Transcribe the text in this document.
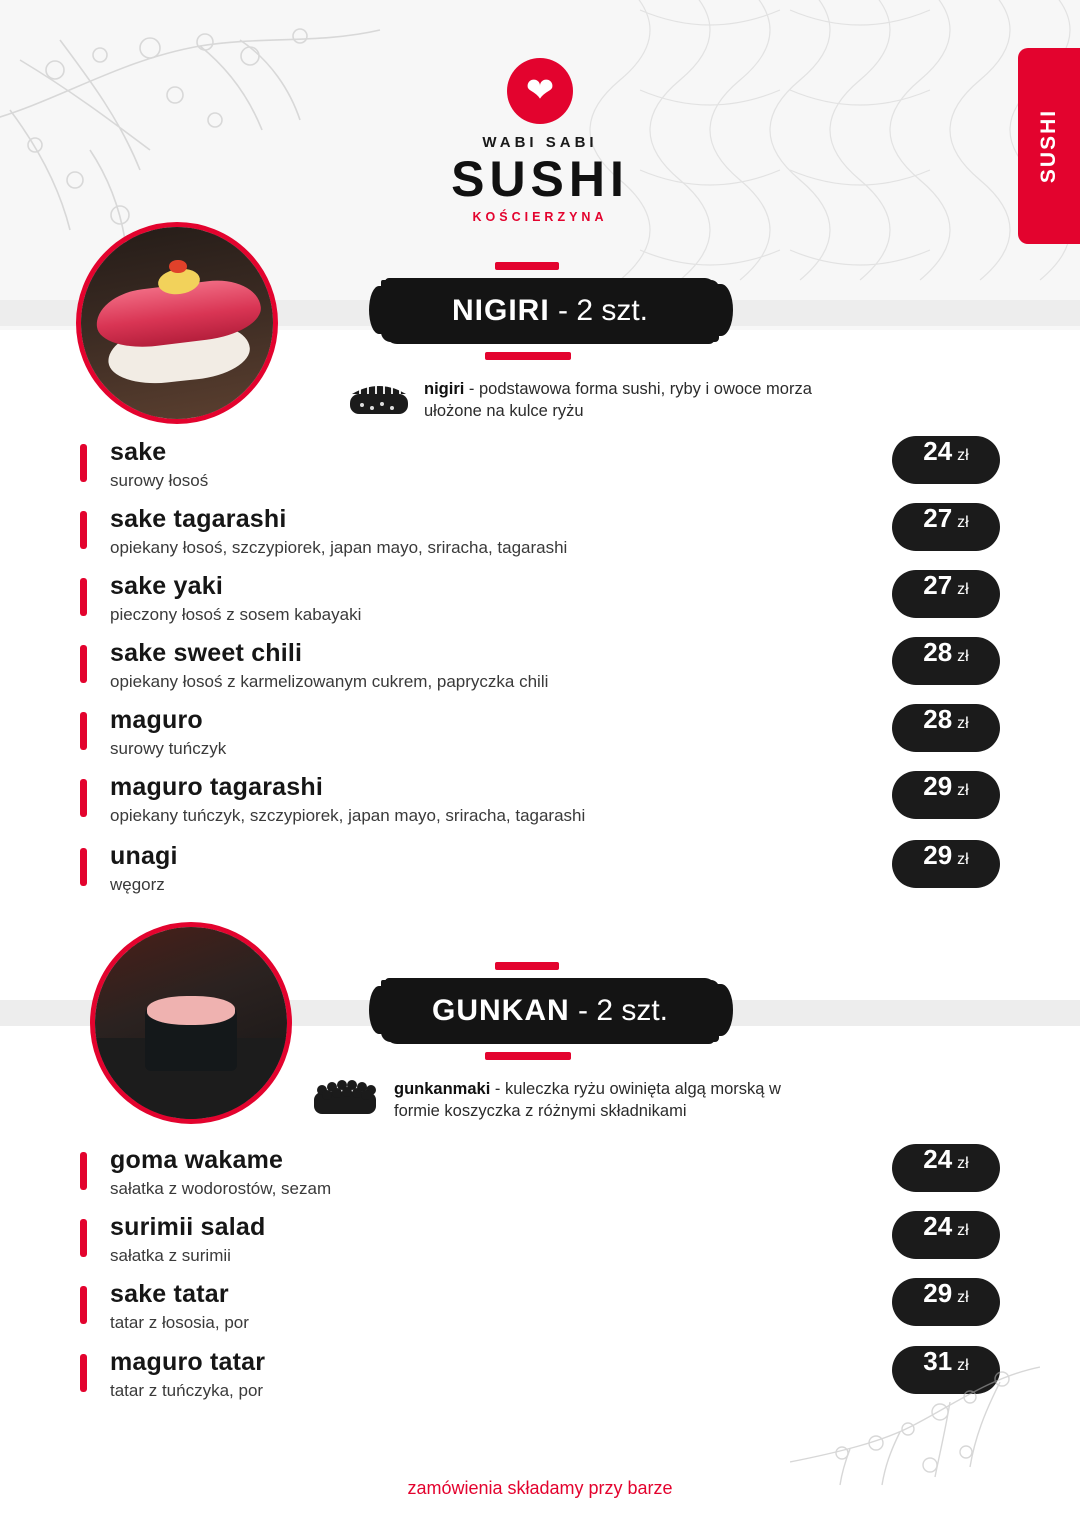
SUSHI
❤
WABI SABI
SUSHI
KOŚCIERZYNA
NIGIRI - 2 szt.
nigiri - podstawowa forma sushi, ryby i owoce morza ułożone na kulce ryżu
GUNKAN - 2 szt.
gunkanmaki - kuleczka ryżu owinięta algą morską w formie koszyczka z różnymi składnikami
sake
surowy łosoś
24 zł
sake tagarashi
opiekany łosoś, szczypiorek, japan mayo, sriracha, tagarashi
27 zł
sake yaki
pieczony łosoś z sosem kabayaki
27 zł
sake sweet chili
opiekany łosoś z karmelizowanym cukrem, papryczka chili
28 zł
maguro
surowy tuńczyk
28 zł
maguro tagarashi
opiekany tuńczyk, szczypiorek, japan mayo, sriracha, tagarashi
29 zł
unagi
węgorz
29 zł
goma wakame
sałatka z wodorostów, sezam
24 zł
surimii salad
sałatka z surimii
24 zł
sake tatar
tatar z łososia, por
29 zł
maguro tatar
tatar z tuńczyka, por
31 zł
zamówienia składamy przy barze
